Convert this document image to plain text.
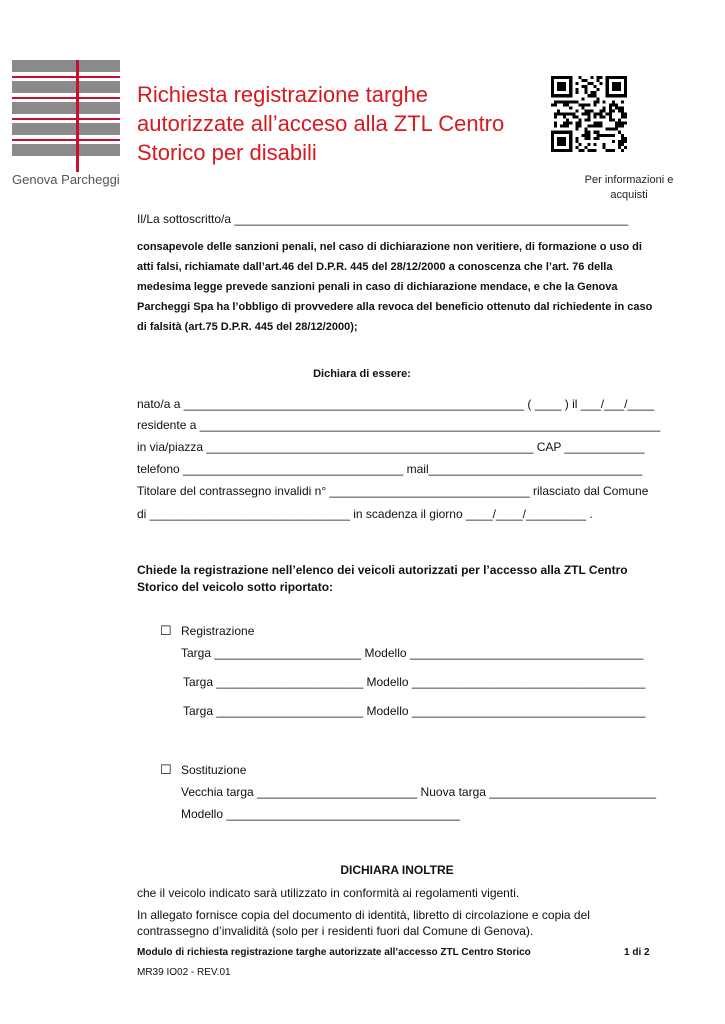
Genova Parcheggi
Richiesta registrazione targhe
autorizzate all’acceso alla ZTL Centro
Storico per disabili
Per informazioni e
acquisti
Il/La sottoscritto/a ___________________________________________________________
consapevole delle sanzioni penali, nel caso di dichiarazione non veritiere, di formazione o uso di atti falsi, richiamate dall’art.46 del D.P.R. 445 del 28/12/2000 a conoscenza che l’art. 76 della medesima legge prevede sanzioni penali in caso di dichiarazione mendace, e che la Genova Parcheggi Spa ha l’obbligo di provvedere alla revoca del beneficio ottenuto dal richiedente in caso di falsità (art.75 D.P.R. 445 del 28/12/2000);
Dichiara di essere:
nato/a a ___________________________________________________ ( ____ ) il ___/___/____
residente a _____________________________________________________________________
in via/piazza _________________________________________________ CAP ____________
telefono _________________________________ mail________________________________
Titolare del contrassegno invalidi n° ______________________________ rilasciato dal Comune
di ______________________________ in scadenza il giorno ____/____/_________ .
Chiede la registrazione nell’elenco dei veicoli autorizzati per l’accesso alla ZTL Centro Storico del veicolo sotto riportato:
☐ Registrazione
Targa ______________________ Modello ___________________________________
Targa ______________________ Modello ___________________________________
Targa ______________________ Modello ___________________________________
☐ Sostituzione
Vecchia targa ________________________ Nuova targa _________________________
Modello ___________________________________
DICHIARA INOLTRE
che il veicolo indicato sarà utilizzato in conformità ai regolamenti vigenti.
In allegato fornisce copia del documento di identità, libretto di circolazione e copia del contrassegno d’invalidità (solo per i residenti fuori dal Comune di Genova).
Modulo di richiesta registrazione targhe autorizzate all’accesso ZTL Centro Storico	1 di 2
MR39 IO02 - REV.01
